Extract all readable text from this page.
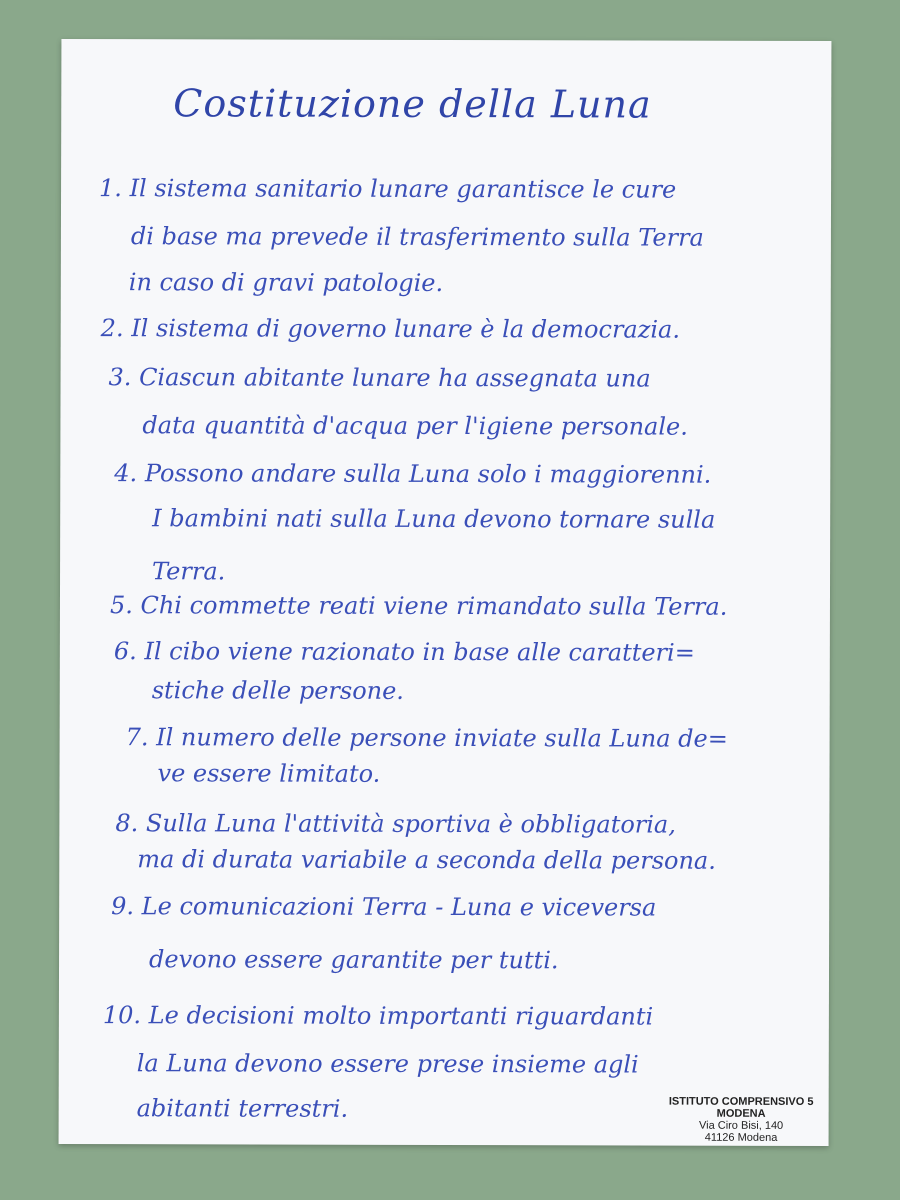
Costituzione della Luna
1. Il sistema sanitario lunare garantisce le cure
di base ma prevede il trasferimento sulla Terra
in caso di gravi patologie.
2. Il sistema di governo lunare è la democrazia.
3. Ciascun abitante lunare ha assegnata una
data quantità d'acqua per l'igiene personale.
4. Possono andare sulla Luna solo i maggiorenni.
I bambini nati sulla Luna devono tornare sulla
Terra.
5. Chi commette reati viene rimandato sulla Terra.
6. Il cibo viene razionato in base alle caratteri=
stiche delle persone.
7. Il numero delle persone inviate sulla Luna de=
ve essere limitato.
8. Sulla Luna l'attività sportiva è obbligatoria,
ma di durata variabile a seconda della persona.
9. Le comunicazioni Terra - Luna e viceversa
devono essere garantite per tutti.
10. Le decisioni molto importanti riguardanti
la Luna devono essere prese insieme agli
abitanti terrestri.	ISTITUTO COMPRENSIVO 5 MODENA
Via Ciro Bisi, 140
41126 Modena
